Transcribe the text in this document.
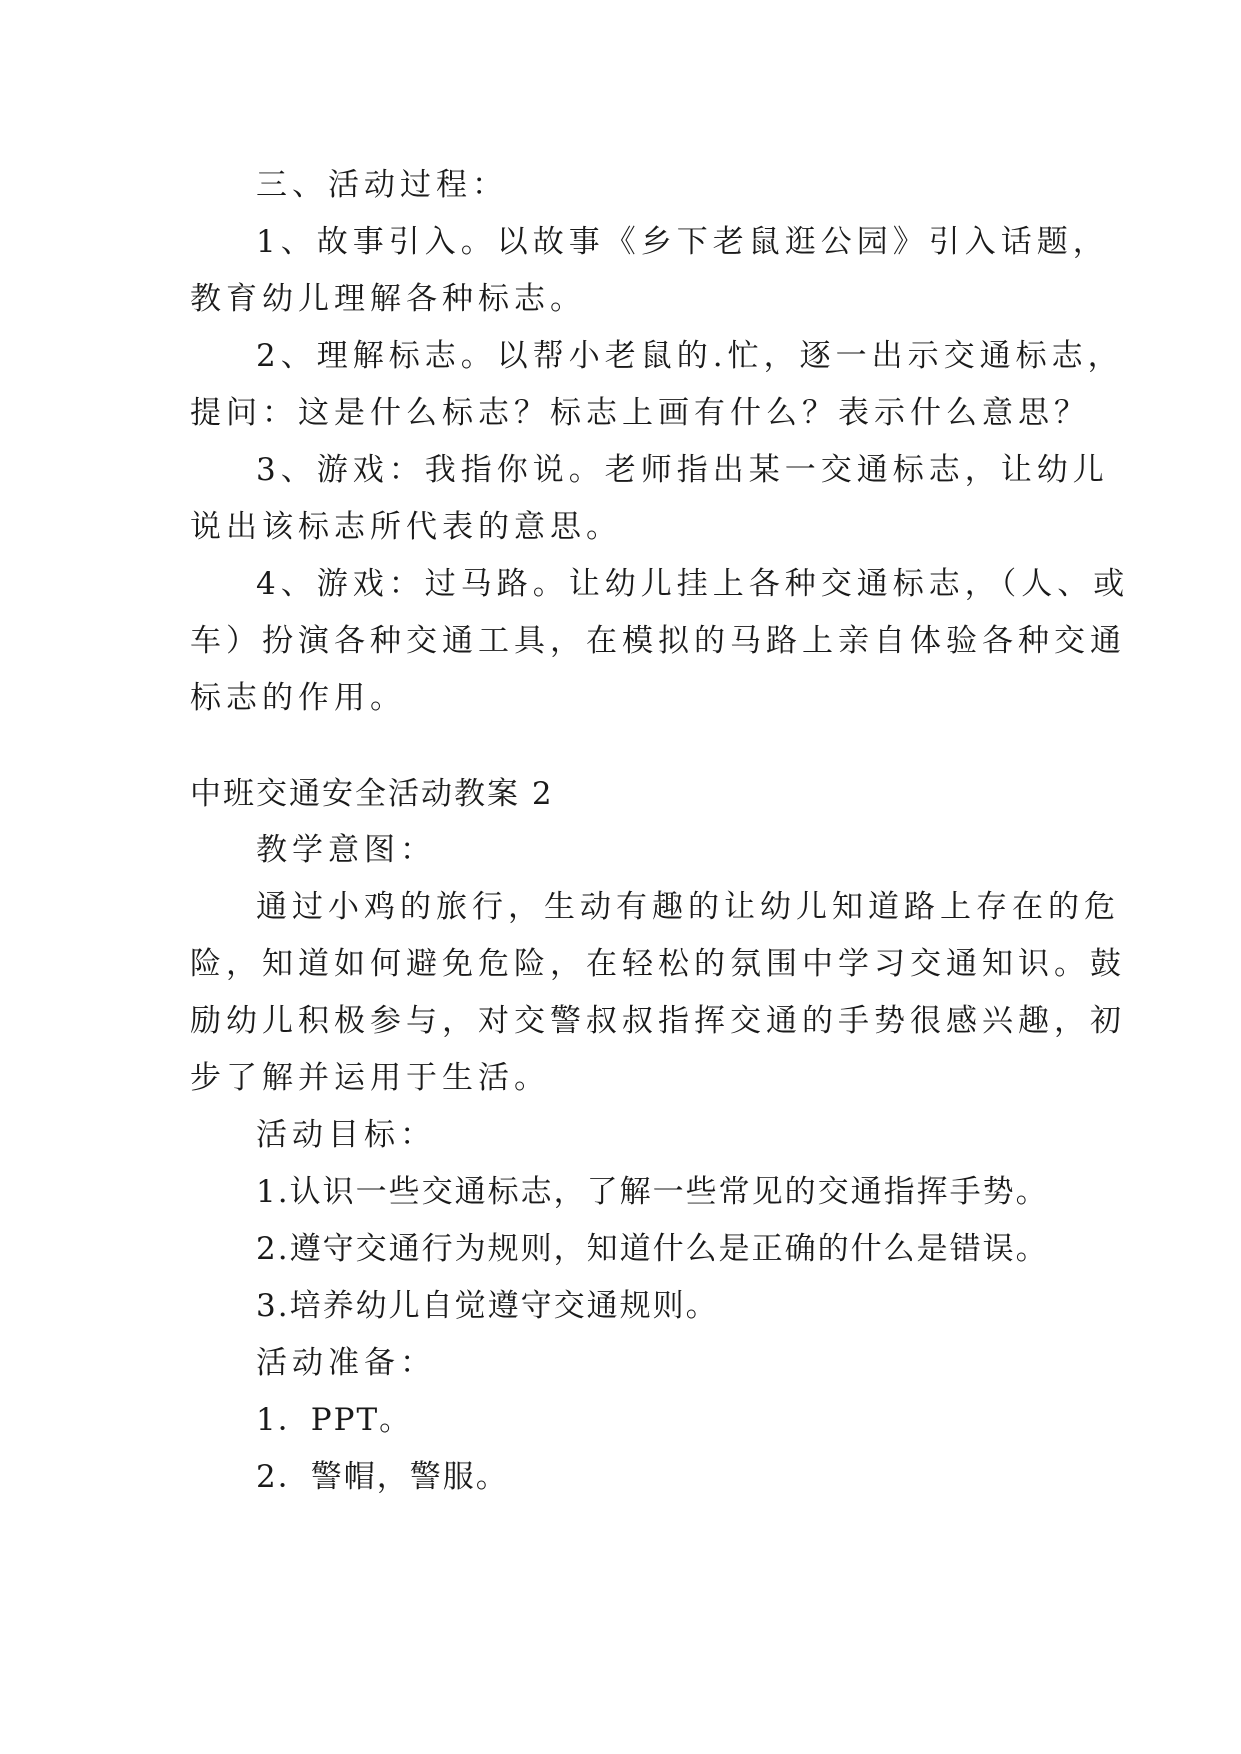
三、活动过程：
1、故事引入。以故事《乡下老鼠逛公园》引入话题，
教育幼儿理解各种标志。
2、理解标志。以帮小老鼠的.忙，逐一出示交通标志，
提问：这是什么标志？标志上画有什么？表示什么意思？
3、游戏：我指你说。老师指出某一交通标志，让幼儿
说出该标志所代表的意思。
4、游戏：过马路。让幼儿挂上各种交通标志，（人、或
车）扮演各种交通工具，在模拟的马路上亲自体验各种交通
标志的作用。
中班交通安全活动教案 2
教学意图：
通过小鸡的旅行，生动有趣的让幼儿知道路上存在的危
险，知道如何避免危险，在轻松的氛围中学习交通知识。鼓
励幼儿积极参与，对交警叔叔指挥交通的手势很感兴趣，初
步了解并运用于生活。
活动目标：
1.认识一些交通标志，了解一些常见的交通指挥手势。
2.遵守交通行为规则，知道什么是正确的什么是错误。
3.培养幼儿自觉遵守交通规则。
活动准备：
1．PPT。
2．警帽，警服。
